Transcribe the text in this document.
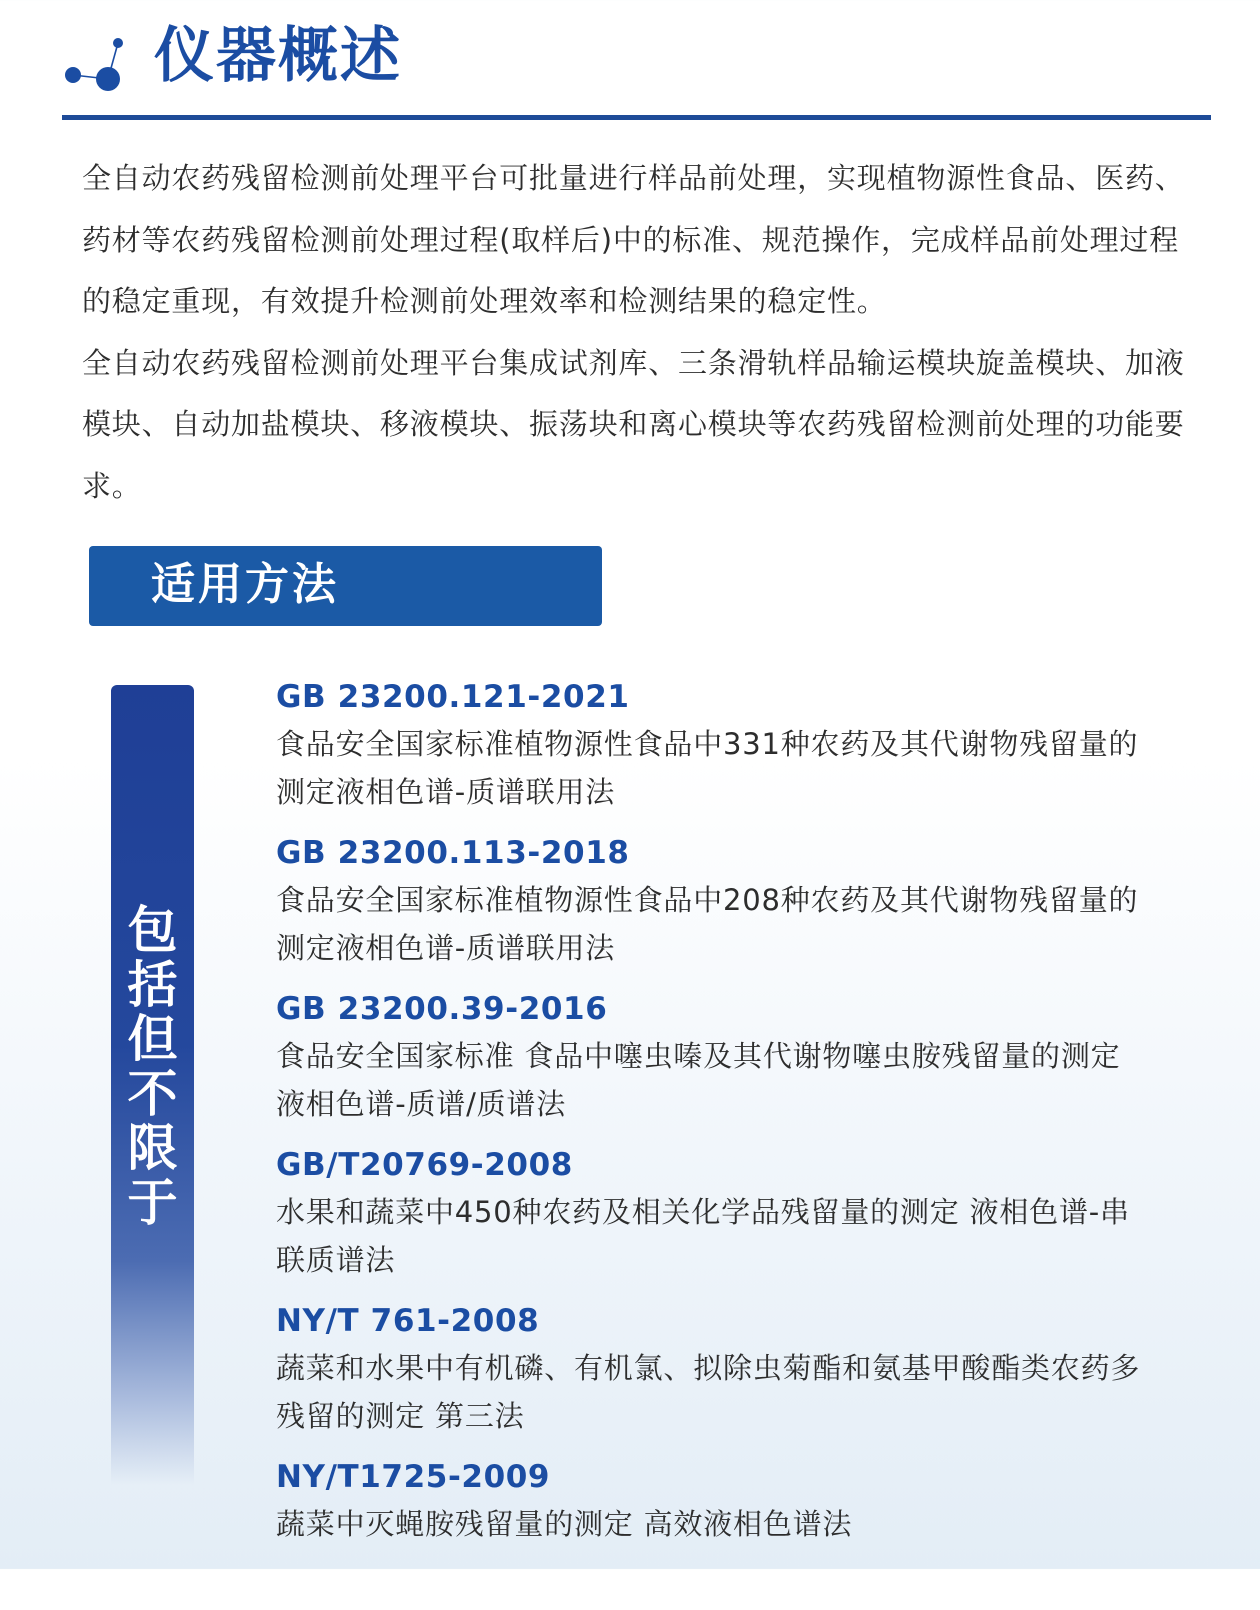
仪器概述

全自动农药残留检测前处理平台可批量进行样品前处理，实现植物源性食品、医药、药材等农药残留检测前处理过程(取样后)中的标准、规范操作，完成样品前处理过程的稳定重现，有效提升检测前处理效率和检测结果的稳定性。

全自动农药残留检测前处理平台集成试剂库、三条滑轨样品输运模块旋盖模块、加液模块、自动加盐模块、移液模块、振荡块和离心模块等农药残留检测前处理的功能要求。

适用方法
包
括
但
不
限
于
GB 23200.121-2021
食品安全国家标准植物源性食品中331种农药及其代谢物残留量的测定液相色谱-质谱联用法
GB 23200.113-2018
食品安全国家标准植物源性食品中208种农药及其代谢物残留量的测定液相色谱-质谱联用法
GB 23200.39-2016
食品安全国家标准 食品中噻虫嗪及其代谢物噻虫胺残留量的测定 液相色谱-质谱/质谱法
GB/T20769-2008
水果和蔬菜中450种农药及相关化学品残留量的测定 液相色谱-串联质谱法
NY/T 761-2008
蔬菜和水果中有机磷、有机氯、拟除虫菊酯和氨基甲酸酯类农药多残留的测定 第三法
NY/T1725-2009
蔬菜中灭蝇胺残留量的测定 高效液相色谱法
